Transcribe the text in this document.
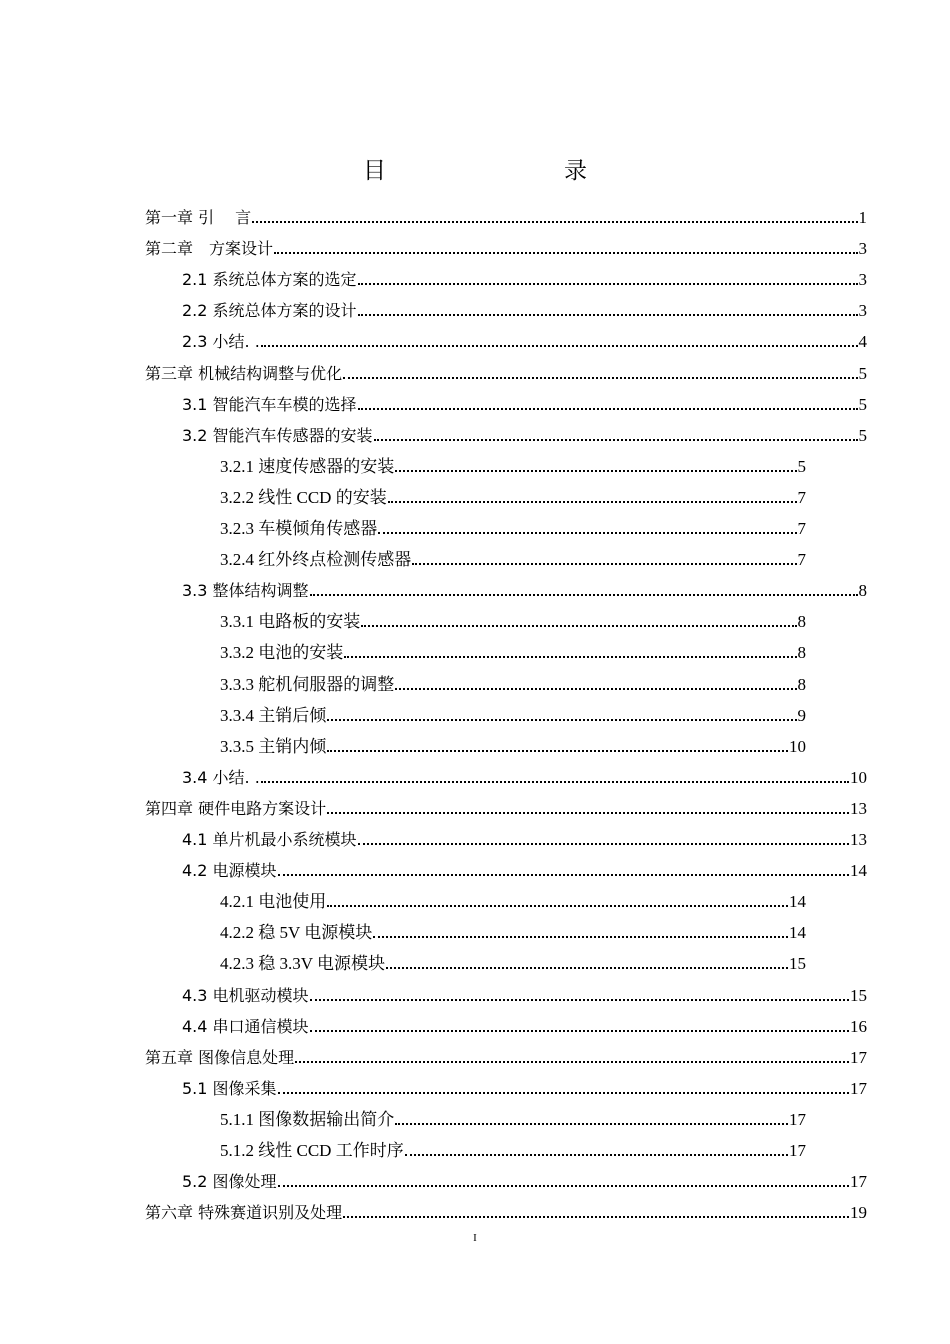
目　　录
第一章 引　 言	1
第二章　方案设计	3
2.1 系统总体方案的选定	3
2.2 系统总体方案的设计	3
2.3 小结. .	4
第三章 机械结构调整与优化	5
3.1 智能汽车车模的选择	5
3.2 智能汽车传感器的安装	5
3.2.1 速度传感器的安装	5
3.2.2 线性 CCD 的安装	7
3.2.3 车模倾角传感器	7
3.2.4 红外终点检测传感器	7
3.3 整体结构调整	8
3.3.1 电路板的安装	8
3.3.2 电池的安装	8
3.3.3 舵机伺服器的调整	8
3.3.4 主销后倾	9
3.3.5 主销内倾	10
3.4 小结. .	10
第四章 硬件电路方案设计	13
4.1 单片机最小系统模块	13
4.2 电源模块	14
4.2.1 电池使用	14
4.2.2 稳 5V 电源模块	14
4.2.3 稳 3.3V 电源模块	15
4.3 电机驱动模块	15
4.4 串口通信模块	16
第五章 图像信息处理	17
5.1 图像采集	17
5.1.1 图像数据输出简介	17
5.1.2 线性 CCD 工作时序	17
5.2 图像处理	17
第六章 特殊赛道识别及处理	19
I
